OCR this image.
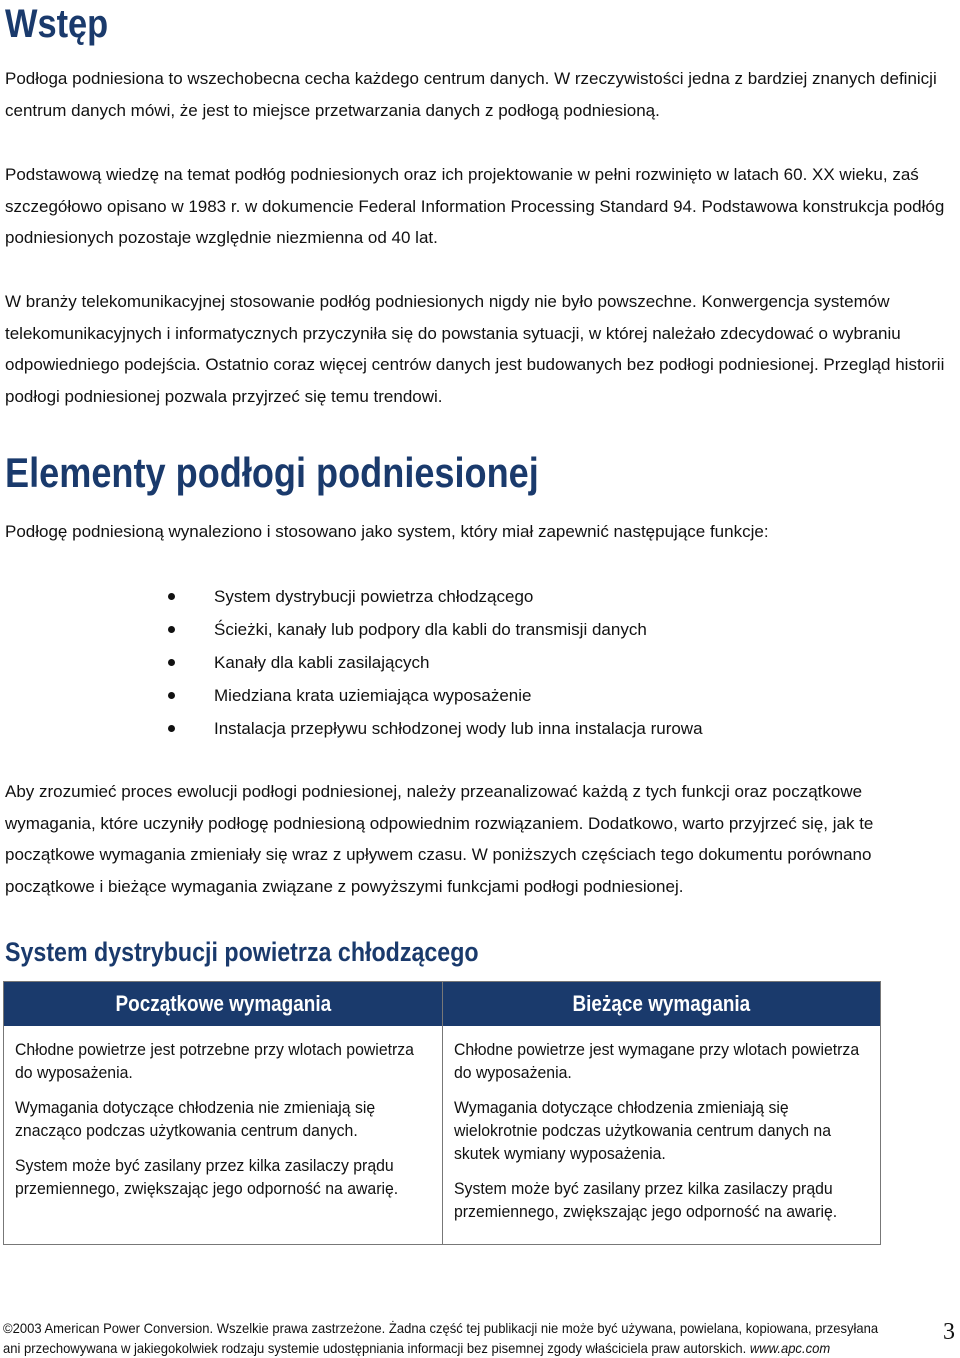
Wstęp

Podłoga podniesiona to wszechobecna cecha każdego centrum danych. W rzeczywistości jedna z bardziej znanych definicji centrum danych mówi, że jest to miejsce przetwarzania danych z podłogą podniesioną.

Podstawową wiedzę na temat podłóg podniesionych oraz ich projektowanie w pełni rozwinięto w latach 60. XX wieku, zaś szczegółowo opisano w 1983 r. w dokumencie Federal Information Processing Standard 94. Podstawowa konstrukcja podłóg podniesionych pozostaje względnie niezmienna od 40 lat.

W branży telekomunikacyjnej stosowanie podłóg podniesionych nigdy nie było powszechne. Konwergencja systemów telekomunikacyjnych i informatycznych przyczyniła się do powstania sytuacji, w której należało zdecydować o wybraniu odpowiedniego podejścia. Ostatnio coraz więcej centrów danych jest budowanych bez podłogi podniesionej. Przegląd historii podłogi podniesionej pozwala przyjrzeć się temu trendowi.

Elementy podłogi podniesionej

Podłogę podniesioną wynaleziono i stosowano jako system, który miał zapewnić następujące funkcje:

System dystrybucji powietrza chłodzącego
Ścieżki, kanały lub podpory dla kabli do transmisji danych
Kanały dla kabli zasilających
Miedziana krata uziemiająca wyposażenie
Instalacja przepływu schłodzonej wody lub inna instalacja rurowa

Aby zrozumieć proces ewolucji podłogi podniesionej, należy przeanalizować każdą z tych funkcji oraz początkowe wymagania, które uczyniły podłogę podniesioną odpowiednim rozwiązaniem. Dodatkowo, warto przyjrzeć się, jak te początkowe wymagania zmieniały się wraz z upływem czasu. W poniższych częściach tego dokumentu porównano początkowe i bieżące wymagania związane z powyższymi funkcjami podłogi podniesionej.

System dystrybucji powietrza chłodzącego
Początkowe wymagania	Bieżące wymagania

Chłodne powietrze jest potrzebne przy wlotach powietrza do wyposażenia.

Wymagania dotyczące chłodzenia nie zmieniają się znacząco podczas użytkowania centrum danych.

System może być zasilany przez kilka zasilaczy prądu przemiennego, zwiększając jego odporność na awarię.

Chłodne powietrze jest wymagane przy wlotach powietrza do wyposażenia.

Wymagania dotyczące chłodzenia zmieniają się wielokrotnie podczas użytkowania centrum danych na skutek wymiany wyposażenia.

System może być zasilany przez kilka zasilaczy prądu przemiennego, zwiększając jego odporność na awarię.

©2003 American Power Conversion. Wszelkie prawa zastrzeżone. Żadna część tej publikacji nie może być używana, powielana, kopiowana, przesyłana
ani przechowywana w jakiegokolwiek rodzaju systemie udostępniania informacji bez pisemnej zgody właściciela praw autorskich. www.apc.com
3
